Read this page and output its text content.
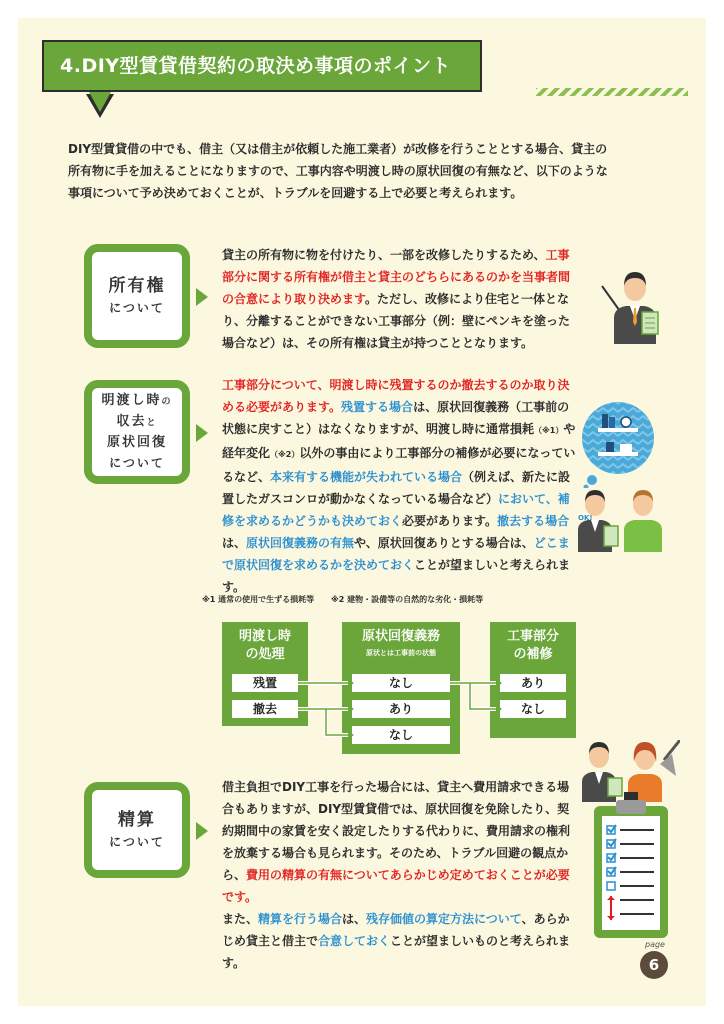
4.DIY型賃貸借契約の取決め事項のポイント
DIY型賃貸借の中でも、借主（又は借主が依頼した施工業者）が改修を行うこととする場合、貸主の
所有物に手を加えることになりますので、工事内容や明渡し時の原状回復の有無など、以下のような
事項について予め決めておくことが、トラブルを回避する上で必要と考えられます。
所有権
について
貸主の所有物に物を付けたり、一部を改修したりするため、工事部分に関する所有権が借主と貸主のどちらにあるのかを当事者間の合意により取り決めます。ただし、改修により住宅と一体となり、分離することができない工事部分（例：壁にペンキを塗った場合など）は、その所有権は貸主が持つこととなります。
明渡し時の
収去と
原状回復
について
工事部分について、明渡し時に残置するのか撤去するのか取り決める必要があります。残置する場合は、原状回復義務（工事前の状態に戻すこと）はなくなりますが、明渡し時に通常損耗（※1）や経年変化（※2）以外の事由により工事部分の補修が必要になっているなど、本来有する機能が失われている場合（例えば、新たに設置したガスコンロが動かなくなっている場合など）において、補修を求めるかどうかも決めておく必要があります。撤去する場合は、原状回復義務の有無や、原状回復ありとする場合は、どこまで原状回復を求めるかを決めておくことが望ましいと考えられます。
OK!
※1 通常の使用で生ずる損耗等 ※2 建物・設備等の自然的な劣化・損耗等
明渡し時
の処理
残置
撤去
原状回復義務
原状とは工事前の状態
なし
あり
なし
工事部分
の補修
あり
なし
精算
について
借主負担でDIY工事を行った場合には、貸主へ費用請求できる場合もありますが、DIY型賃貸借では、原状回復を免除したり、契約期間中の家賃を安く設定したりする代わりに、費用請求の権利を放棄する場合も見られます。そのため、トラブル回避の観点から、費用の精算の有無についてあらかじめ定めておくことが必要です。
また、精算を行う場合は、残存価値の算定方法について、あらかじめ貸主と借主で合意しておくことが望ましいものと考えられます。
page
6
